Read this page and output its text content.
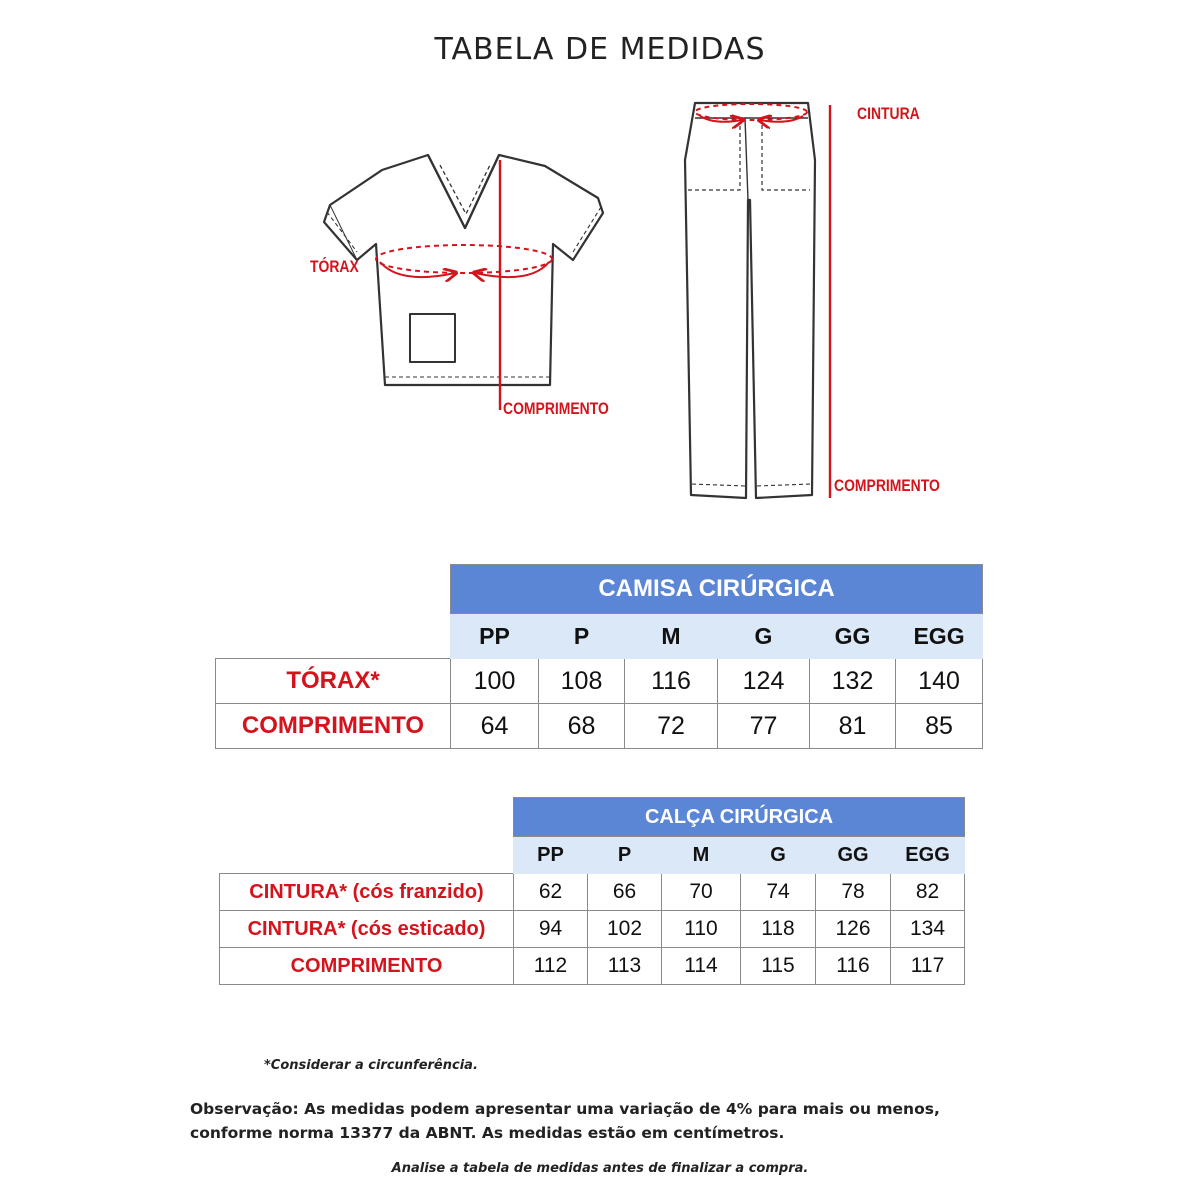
TABELA DE MEDIDAS
TÓRAX
COMPRIMENTO
CINTURA
COMPRIMENTO
	CAMISA CIRÚRGICA					
	PP	P	M	G	GG	EGG
TÓRAX*	100	108	116	124	132	140
COMPRIMENTO	64	68	72	77	81	85
	CALÇA CIRÚRGICA					
	PP	P	M	G	GG	EGG
CINTURA* (cós franzido)	62	66	70	74	78	82
CINTURA* (cós esticado)	94	102	110	118	126	134
COMPRIMENTO	112	113	114	115	116	117
*Considerar a circunferência.
Observação: As medidas podem apresentar uma variação de 4% para mais ou menos, conforme norma 13377 da ABNT. As medidas estão em centímetros.
Analise a tabela de medidas antes de finalizar a compra.
